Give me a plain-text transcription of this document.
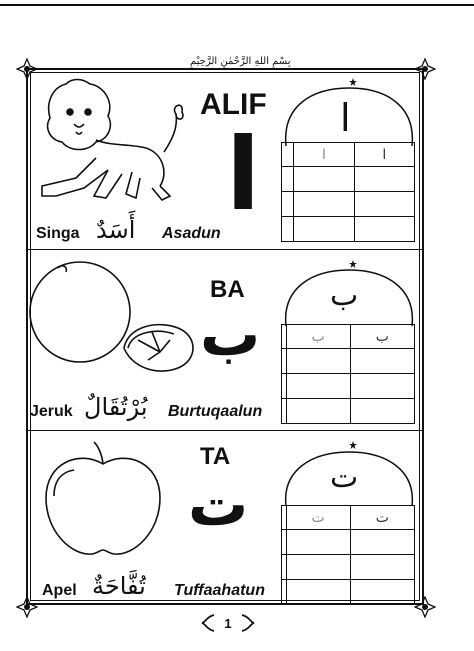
بِسْمِ اللهِ الرَّحْمٰنِ الرَّحِيْمِ
ALIF
ا
Singa أَسَدٌ Asadun
ا
	ا	ا

BA
ب
Jeruk بُرْتُقَالٌ Burtuqaalun
ب
	ب	ب

TA
ت
Apel تُفَّاحَةٌ Tuffaahatun
ت
	ت	ت

1
